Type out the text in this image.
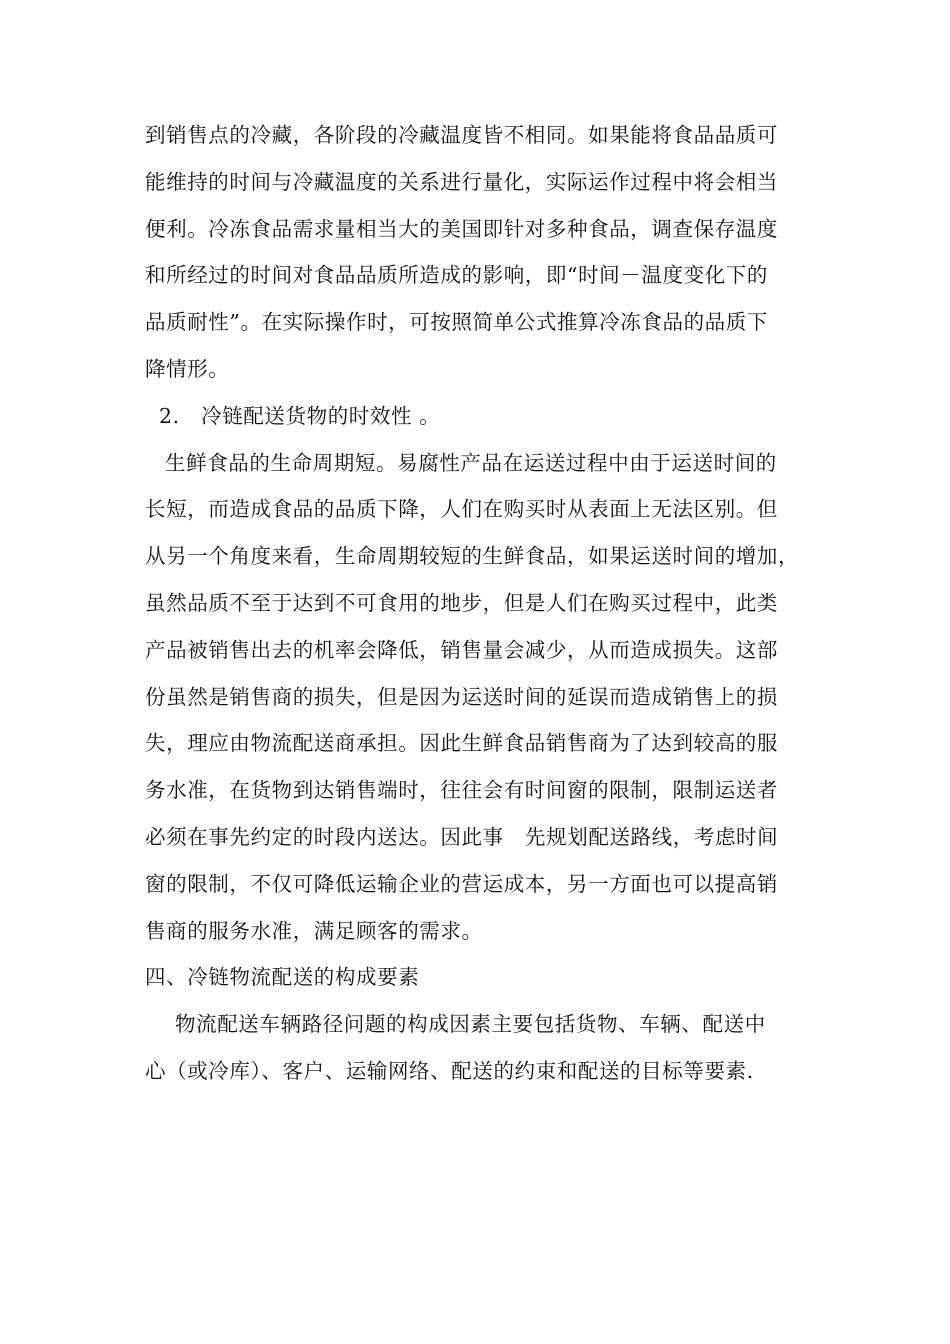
到销售点的冷藏，各阶段的冷藏温度皆不相同。如果能将食品品质可
能维持的时间与冷藏温度的关系进行量化，实际运作过程中将会相当
便利。冷冻食品需求量相当大的美国即针对多种食品，调查保存温度
和所经过的时间对食品品质所造成的影响，即“时间－温度变化下的
品质耐性”。在实际操作时，可按照简单公式推算冷冻食品的品质下
降情形。
2.   冷链配送货物的时效性 。
生鲜食品的生命周期短。易腐性产品在运送过程中由于运送时间的
长短，而造成食品的品质下降，人们在购买时从表面上无法区别。但
从另一个角度来看，生命周期较短的生鲜食品，如果运送时间的增加，
虽然品质不至于达到不可食用的地步，但是人们在购买过程中，此类
产品被销售出去的机率会降低，销售量会减少，从而造成损失。这部
份虽然是销售商的损失，但是因为运送时间的延误而造成销售上的损
失，理应由物流配送商承担。因此生鲜食品销售商为了达到较高的服
务水准，在货物到达销售端时，往往会有时间窗的限制，限制运送者
必须在事先约定的时段内送达。因此事   先规划配送路线，考虑时间
窗的限制，不仅可降低运输企业的营运成本，另一方面也可以提高销
售商的服务水准，满足顾客的需求。
四、冷链物流配送的构成要素
物流配送车辆路径问题的构成因素主要包括货物、车辆、配送中
心（或冷库）、客户、运输网络、配送的约束和配送的目标等要素.
